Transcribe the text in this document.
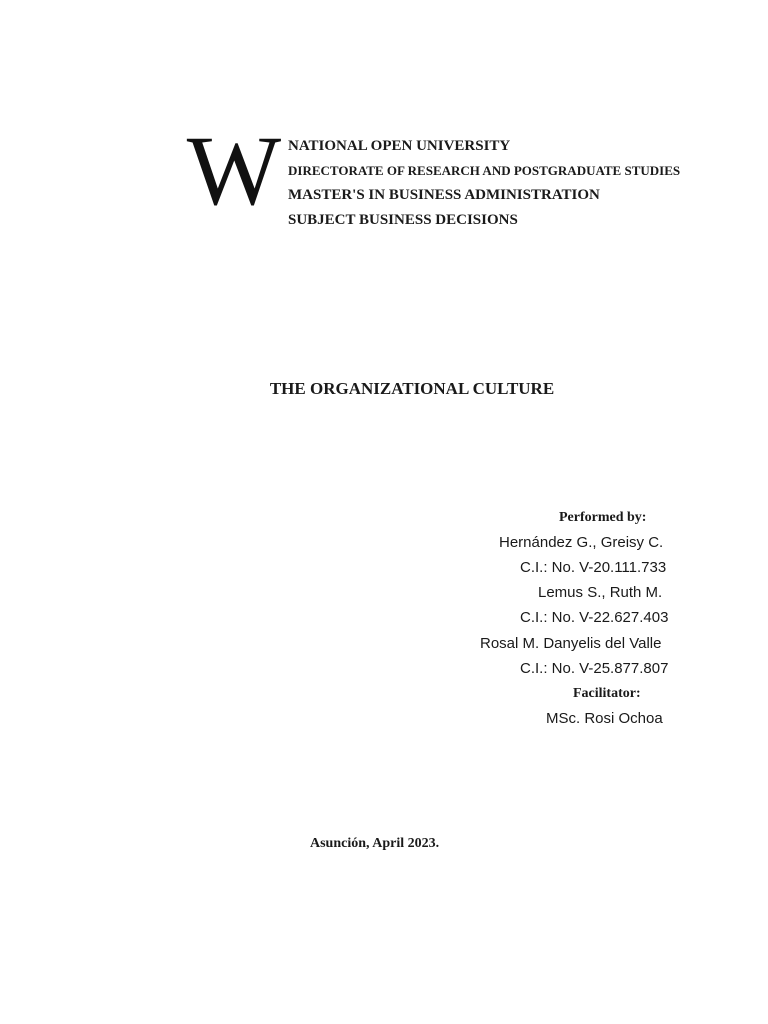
W NATIONAL OPEN UNIVERSITY
DIRECTORATE OF RESEARCH AND POSTGRADUATE STUDIES
MASTER'S IN BUSINESS ADMINISTRATION
SUBJECT BUSINESS DECISIONS
THE ORGANIZATIONAL CULTURE
Performed by:
Hernández G., Greisy C.
C.I.: No. V-20.111.733
Lemus S., Ruth M.
C.I.: No. V-22.627.403
Rosal M. Danyelis del Valle
C.I.: No. V-25.877.807
Facilitator:
MSc. Rosi Ochoa
Asunción, April 2023.
